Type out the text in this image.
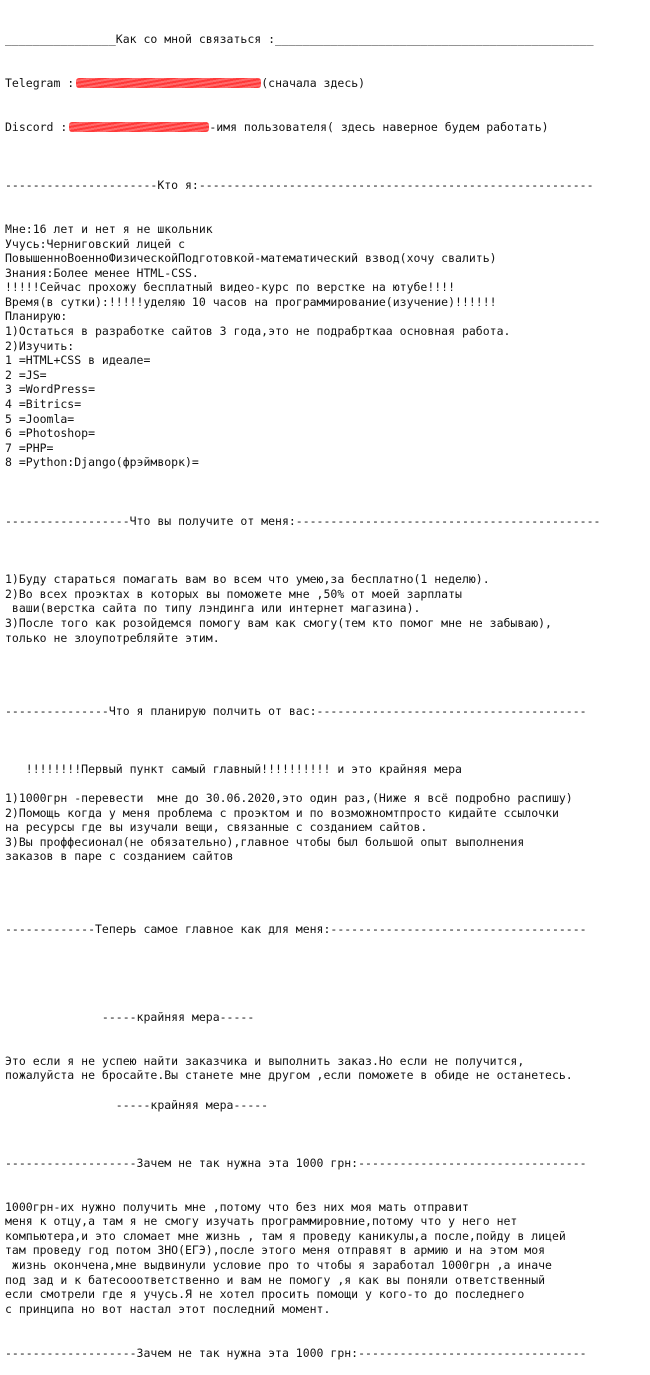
________________Как со мной связаться :______________________________________________

Telegram :	(сначала здесь)

Discord :	-имя пользователя( здесь наверное будем работать)

----------------------Кто я:---------------------------------------------------------

Мне:16 лет и нет я не школьник
Учусь:Черниговский лицей с
ПовышенноВоенноФизическойПодготовкой-математический взвод(хочу свалить)
Знания:Более менее HTML-CSS.
!!!!!Сейчас прохожу бесплатный видео-курс по верстке на ютубе!!!!
Время(в сутки):!!!!!уделяю 10 часов на программирование(изучение)!!!!!!
Планирую:
1)Остаться в разработке сайтов 3 года,это не подрабрткаа основная работа.
2)Изучить:
1 =HTML+CSS в идеале=
2 =JS=
3 =WordPress=
4 =Bitrics=
5 =Joomla=
6 =Photoshop=
7 =PHP=
8 =Python:Django(фрэймворк)=

------------------Что вы получите от меня:--------------------------------------------

1)Буду стараться помагать вам во всем что умею,за бесплатно(1 неделю).
2)Во всех проэктах в которых вы поможете мне ,50% от моей зарплаты
ваши(верстка сайта по типу лэндинга или интернет магазина).
3)После того как розойдемся помогу вам как смогу(тем кто помог мне не забываю),
только не злоупотребляйте этим.

---------------Что я планирую полчить от вас:---------------------------------------

!!!!!!!!Первый пункт самый главный!!!!!!!!!! и это крайняя мера
1)1000грн -перевести  мне до 30.06.2020,это один раз,(Ниже я всё подробно распишу)
2)Помощь когда у меня проблема с проэктом и по возможномтпросто кидайте ссылочки
на ресурсы где вы изучали вещи, связанные с созданием сайтов.
3)Вы проффесионал(не обязательно),главное чтобы был большой опыт выполнения
заказов в паре с созданием сайтов

-------------Теперь самое главное как для меня:-------------------------------------

-----крайняя мера-----
Это если я не успею найти заказчика и выполнить заказ.Но если не получится,
пожалуйста не бросайте.Вы станете мне другом ,если поможете в обиде не останетесь.
-----крайняя мера-----

-------------------Зачем не так нужна эта 1000 грн:---------------------------------

1000грн-их нужно получить мне ,потому что без них моя мать отправит
меня к отцу,а там я не смогу изучать программировние,потому что у него нет
компьютера,и это сломает мне жизнь , там я проведу каникулы,а после,пойду в лицей
там проведу год потом ЗНО(ЕГЭ),после этого меня отправят в армию и на этом моя
жизнь окончена,мне выдвинули условие про то чтобы я заработал 1000грн ,а иначе
под зад и к батесооответственно и вам не помогу ,я как вы поняли ответственный
если смотрели где я учусь.Я не хотел просить помощи у кого-то до последнего
с принципа но вот настал этот последний момент.

-------------------Зачем не так нужна эта 1000 грн:---------------------------------
